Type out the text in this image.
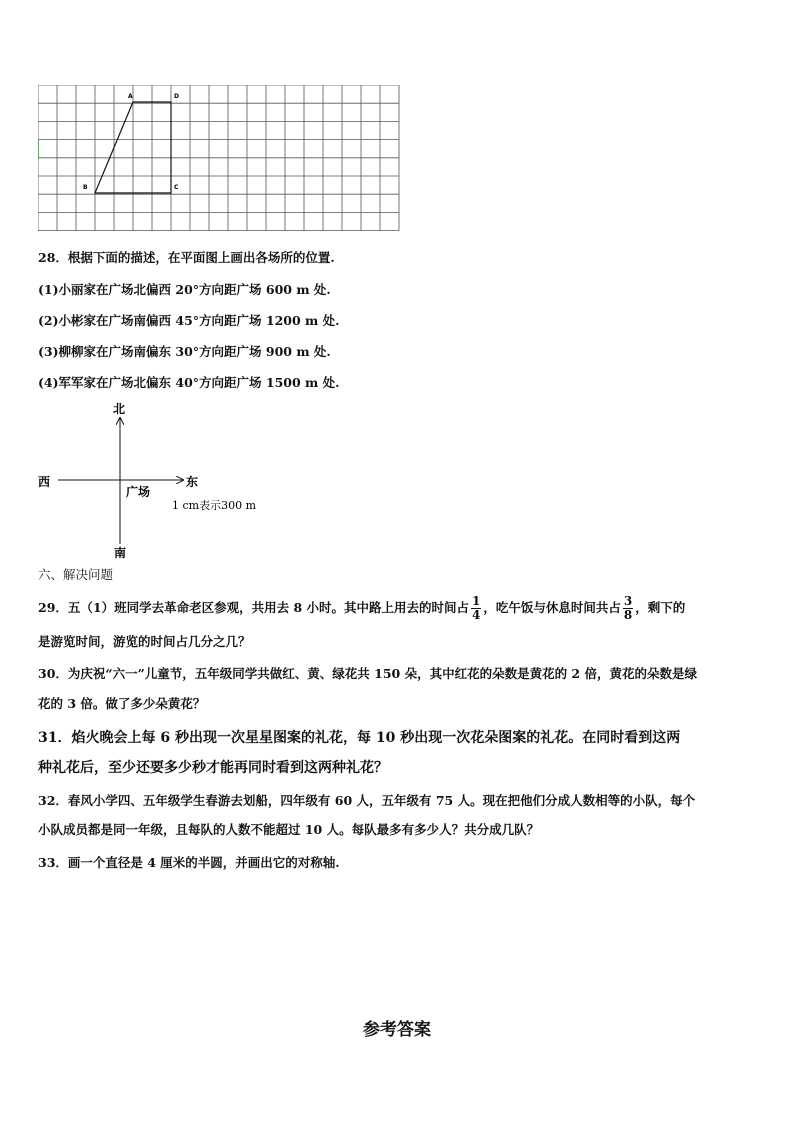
A	D
B	C
28．根据下面的描述，在平面图上画出各场所的位置.
(1)小丽家在广场北偏西 20°方向距广场 600 m 处.
(2)小彬家在广场南偏西 45°方向距广场 1200 m 处.
(3)柳柳家在广场南偏东 30°方向距广场 900 m 处.
(4)军军家在广场北偏东 40°方向距广场 1500 m 处.
北
南
西	东
广场
1 cm表示300 m
六、解决问题
29．五（1）班同学去革命老区参观，共用去 8 小时。其中路上用去的时间占 $\frac{1}{4}$ ，吃午饭与休息时间共占 $\frac{3}{8}$ ，剩下的
是游览时间，游览的时间占几分之几？
30．为庆祝“六一”儿童节，五年级同学共做红、黄、绿花共 150 朵，其中红花的朵数是黄花的 2 倍，黄花的朵数是绿
花的 3 倍。做了多少朵黄花？
31．焰火晚会上每 6 秒出现一次星星图案的礼花，每 10 秒出现一次花朵图案的礼花。在同时看到这两
种礼花后，至少还要多少秒才能再同时看到这两种礼花？
32．春风小学四、五年级学生春游去划船，四年级有 60 人，五年级有 75 人。现在把他们分成人数相等的小队，每个
小队成员都是同一年级，且每队的人数不能超过 10 人。每队最多有多少人？共分成几队？
33．画一个直径是 4 厘米的半圆，并画出它的对称轴.
参考答案
